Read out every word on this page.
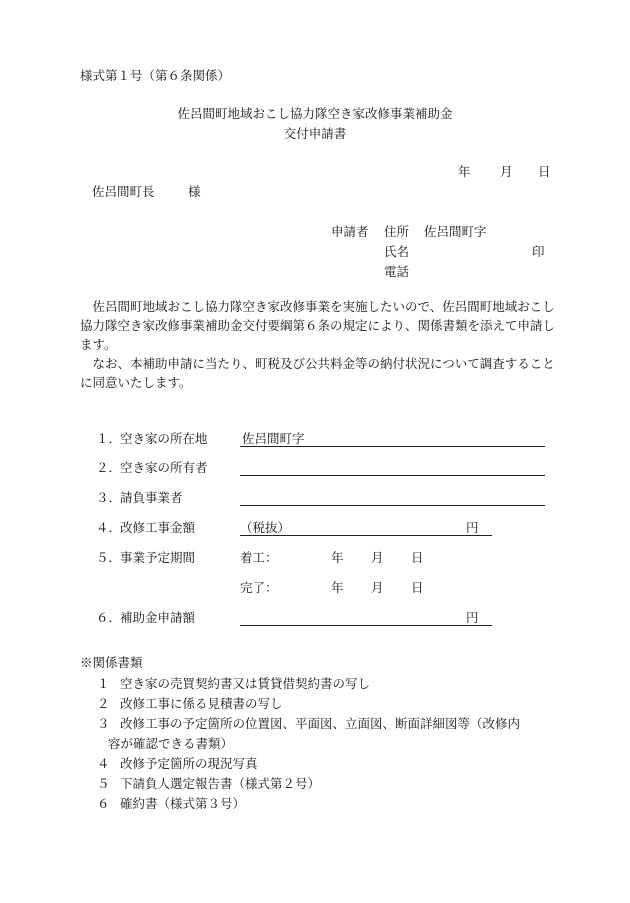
様式第１号（第６条関係）
佐呂間町地域おこし協力隊空き家改修事業補助金
交付申請書
年 月 日
佐呂間町長	様
申請者 住所 佐呂間町字
氏名	印
電話
佐呂間町地域おこし協力隊空き家改修事業を実施したいので、佐呂間町地域おこし協力隊空き家改修事業補助金交付要綱第６条の規定により、関係書類を添えて申請します。
なお、本補助申請に当たり、町税及び公共料金等の納付状況について調査することに同意いたします。
１．
空き家の所在地	佐呂間町字
２．
空き家の所有者
３．
請負事業者
４．
改修工事金額	（税抜）	円
５．
事業予定期間	着工：	年 月 日
完了：	年 月 日
６．
補助金申請額	円
※関係書類
１ 空き家の売買契約書又は賃貸借契約書の写し
２ 改修工事に係る見積書の写し
３ 改修工事の予定箇所の位置図、平面図、立面図、断面詳細図等（改修内
容が確認できる書類）
４ 改修予定箇所の現況写真
５ 下請負人選定報告書（様式第２号）
６ 確約書（様式第３号）
